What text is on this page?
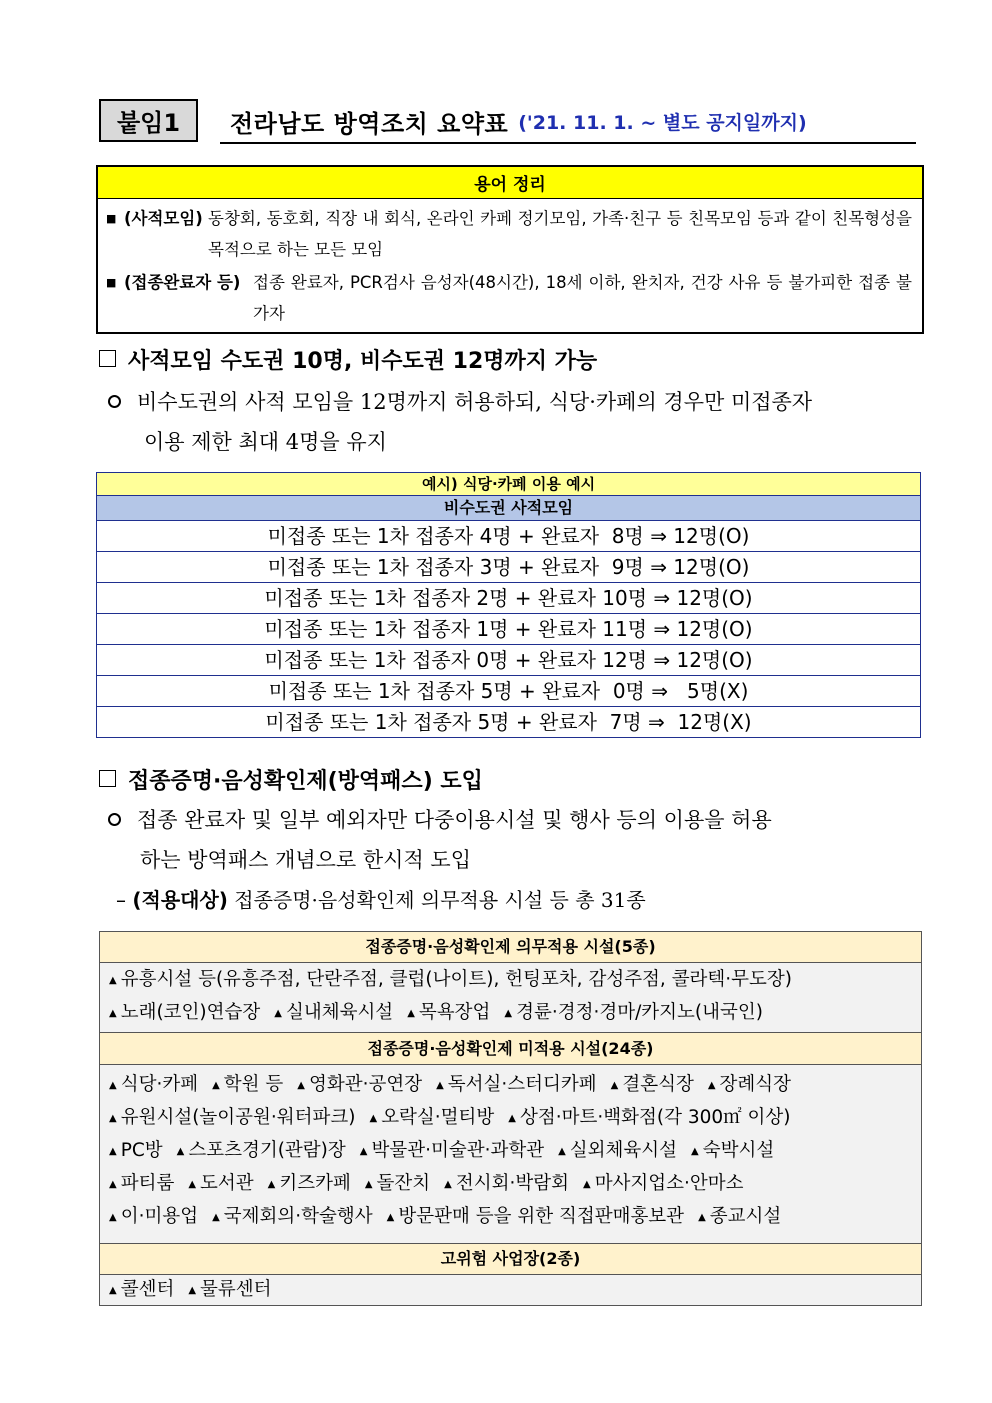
붙임1	전라남도 방역조치 요약표 ('21. 11. 1. ~ 별도 공지일까지)
용어 정리
■ (사적모임) 동창회, 동호회, 직장 내 회식, 온라인 카페 정기모임, 가족·친구 등 친목모임 등과 같이 친목형성을 목적으로 하는 모든 모임
■ (접종완료자 등) 접종 완료자, PCR검사 음성자(48시간), 18세 이하, 완치자, 건강 사유 등 불가피한 접종 불가자
사적모임 수도권 10명, 비수도권 12명까지 가능
비수도권의 사적 모임을 12명까지 허용하되, 식당·카페의 경우만 미접종자
이용 제한 최대 4명을 유지
예시) 식당·카페 이용 예시
비수도권 사적모임
미접종 또는 1차 접종자 4명 + 완료자  8명 ⇒ 12명(O)
미접종 또는 1차 접종자 3명 + 완료자  9명 ⇒ 12명(O)
미접종 또는 1차 접종자 2명 + 완료자 10명 ⇒ 12명(O)
미접종 또는 1차 접종자 1명 + 완료자 11명 ⇒ 12명(O)
미접종 또는 1차 접종자 0명 + 완료자 12명 ⇒ 12명(O)
미접종 또는 1차 접종자 5명 + 완료자  0명 ⇒   5명(X)
미접종 또는 1차 접종자 5명 + 완료자  7명 ⇒  12명(X)
접종증명·음성확인제(방역패스) 도입
접종 완료자 및 일부 예외자만 다중이용시설 및 행사 등의 이용을 허용
하는 방역패스 개념으로 한시적 도입
– (적용대상) 접종증명·음성확인제 의무적용 시설 등 총 31종
접종증명·음성확인제 의무적용 시설(5종)
▲ 유흥시설 등(유흥주점, 단란주점, 클럽(나이트), 헌팅포차, 감성주점, 콜라텍·무도장)
▲ 노래(코인)연습장 ▲ 실내체육시설 ▲ 목욕장업 ▲ 경륜·경정·경마/카지노(내국인)
접종증명·음성확인제 미적용 시설(24종)
▲ 식당·카페 ▲ 학원 등 ▲ 영화관·공연장 ▲ 독서실·스터디카페 ▲ 결혼식장 ▲ 장례식장
▲ 유원시설(놀이공원·워터파크) ▲ 오락실·멀티방 ▲ 상점·마트·백화점(각 300㎡ 이상)
▲ PC방 ▲ 스포츠경기(관람)장 ▲ 박물관·미술관·과학관 ▲ 실외체육시설 ▲ 숙박시설
▲ 파티룸 ▲ 도서관 ▲ 키즈카페 ▲ 돌잔치 ▲ 전시회·박람회 ▲ 마사지업소·안마소
▲ 이·미용업 ▲ 국제회의·학술행사 ▲ 방문판매 등을 위한 직접판매홍보관 ▲ 종교시설
고위험 사업장(2종)
▲ 콜센터 ▲ 물류센터
